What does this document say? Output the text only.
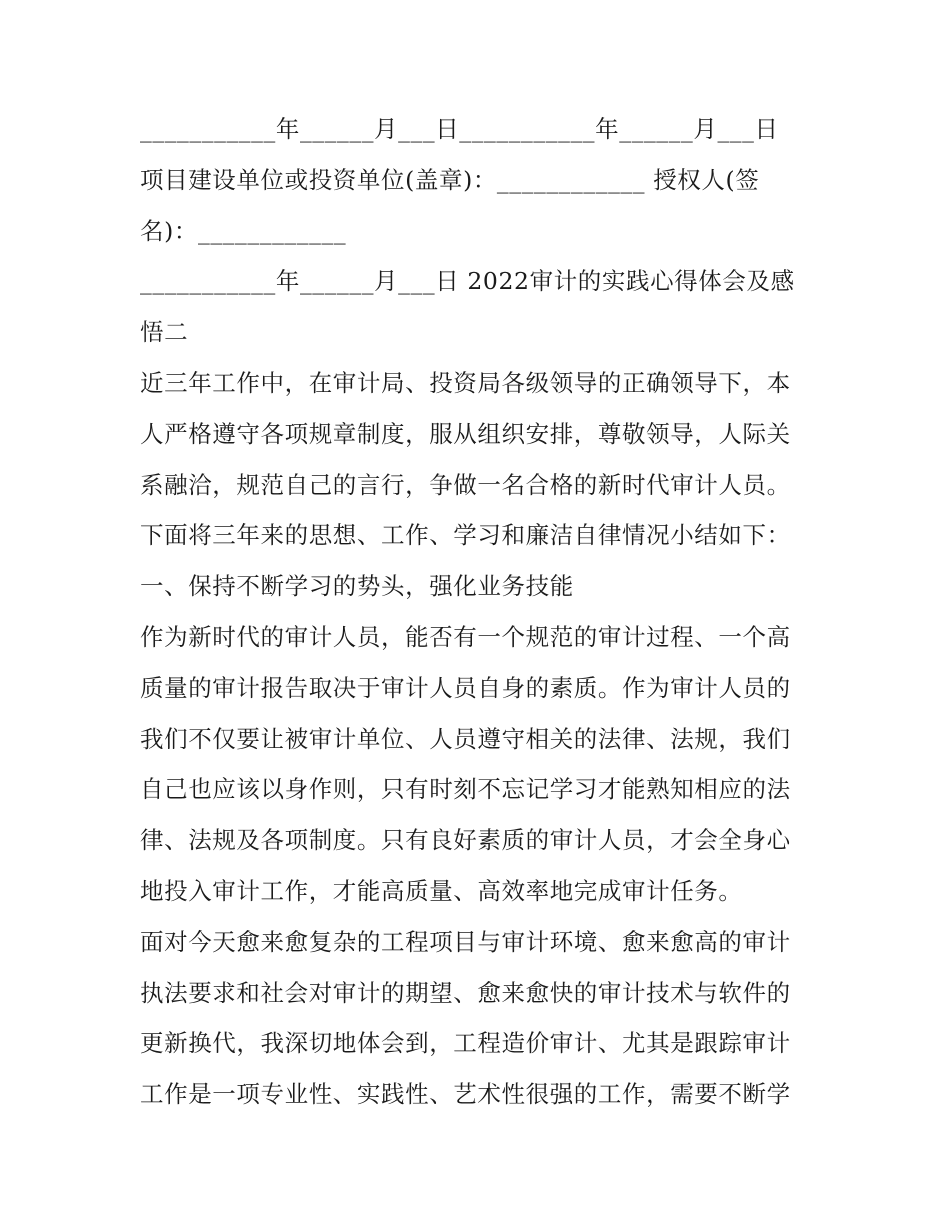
___________年______月___日___________年______月___日
项目建设单位或投资单位(盖章)：____________ 授权人(签
名)：____________
___________年______月___日 2022审计的实践心得体会及感
悟二
近三年工作中，在审计局、投资局各级领导的正确领导下，本
人严格遵守各项规章制度，服从组织安排，尊敬领导，人际关
系融洽，规范自己的言行，争做一名合格的新时代审计人员。
下面将三年来的思想、工作、学习和廉洁自律情况小结如下：
一、保持不断学习的势头，强化业务技能
作为新时代的审计人员，能否有一个规范的审计过程、一个高
质量的审计报告取决于审计人员自身的素质。作为审计人员的
我们不仅要让被审计单位、人员遵守相关的法律、法规，我们
自己也应该以身作则，只有时刻不忘记学习才能熟知相应的法
律、法规及各项制度。只有良好素质的审计人员，才会全身心
地投入审计工作，才能高质量、高效率地完成审计任务。
面对今天愈来愈复杂的工程项目与审计环境、愈来愈高的审计
执法要求和社会对审计的期望、愈来愈快的审计技术与软件的
更新换代，我深切地体会到，工程造价审计、尤其是跟踪审计
工作是一项专业性、实践性、艺术性很强的工作，需要不断学
